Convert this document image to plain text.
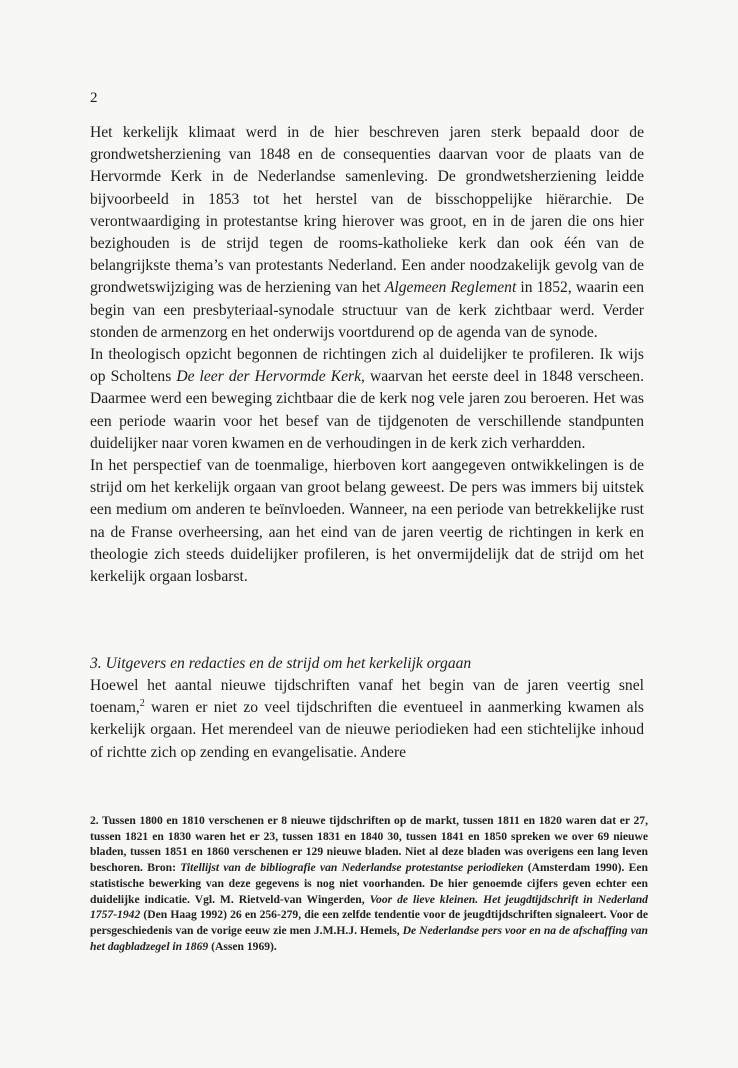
2

Het kerkelijk klimaat werd in de hier beschreven jaren sterk bepaald door de grondwetsherziening van 1848 en de consequenties daarvan voor de plaats van de Hervormde Kerk in de Nederlandse samenleving. De grondwetsherziening leidde bijvoorbeeld in 1853 tot het herstel van de bisschoppelijke hiërarchie. De verontwaardiging in protestantse kring hierover was groot, en in de jaren die ons hier bezighouden is de strijd tegen de rooms-katholieke kerk dan ook één van de belangrijkste thema’s van protestants Nederland. Een ander noodzakelijk gevolg van de grondwetswijziging was de herziening van het Algemeen Reglement in 1852, waarin een begin van een presbyteriaal-synodale structuur van de kerk zichtbaar werd. Verder stonden de armenzorg en het onderwijs voortdurend op de agenda van de synode.

In theologisch opzicht begonnen de richtingen zich al duidelijker te profileren. Ik wijs op Scholtens De leer der Hervormde Kerk, waarvan het eerste deel in 1848 verscheen. Daarmee werd een beweging zichtbaar die de kerk nog vele jaren zou beroeren. Het was een periode waarin voor het besef van de tijdgenoten de verschillende standpunten duidelijker naar voren kwamen en de verhoudingen in de kerk zich verhardden.

In het perspectief van de toenmalige, hierboven kort aangegeven ontwikkelingen is de strijd om het kerkelijk orgaan van groot belang geweest. De pers was immers bij uitstek een medium om anderen te beïnvloeden. Wanneer, na een periode van betrekkelijke rust na de Franse overheersing, aan het eind van de jaren veertig de richtingen in kerk en theologie zich steeds duidelijker profileren, is het onvermijdelijk dat de strijd om het kerkelijk orgaan losbarst.

3. Uitgevers en redacties en de strijd om het kerkelijk orgaan

Hoewel het aantal nieuwe tijdschriften vanaf het begin van de jaren veertig snel toenam,$^2$ waren er niet zo veel tijdschriften die eventueel in aanmerking kwamen als kerkelijk orgaan. Het merendeel van de nieuwe periodieken had een stichtelijke inhoud of richtte zich op zending en evangelisatie. Andere

2. Tussen 1800 en 1810 verschenen er 8 nieuwe tijdschriften op de markt, tussen 1811 en 1820 waren dat er 27, tussen 1821 en 1830 waren het er 23, tussen 1831 en 1840 30, tussen 1841 en 1850 spreken we over 69 nieuwe bladen, tussen 1851 en 1860 verschenen er 129 nieuwe bladen. Niet al deze bladen was overigens een lang leven beschoren. Bron: Titellijst van de bibliografie van Nederlandse protestantse periodieken (Amsterdam 1990). Een statistische bewerking van deze gegevens is nog niet voorhanden. De hier genoemde cijfers geven echter een duidelijke indicatie. Vgl. M. Rietveld-van Wingerden, Voor de lieve kleinen. Het jeugdtijdschrift in Nederland 1757-1942 (Den Haag 1992) 26 en 256-279, die een zelfde tendentie voor de jeugdtijdschriften signaleert. Voor de persgeschiedenis van de vorige eeuw zie men J.M.H.J. Hemels, De Nederlandse pers voor en na de afschaffing van het dagbladzegel in 1869 (Assen 1969).
